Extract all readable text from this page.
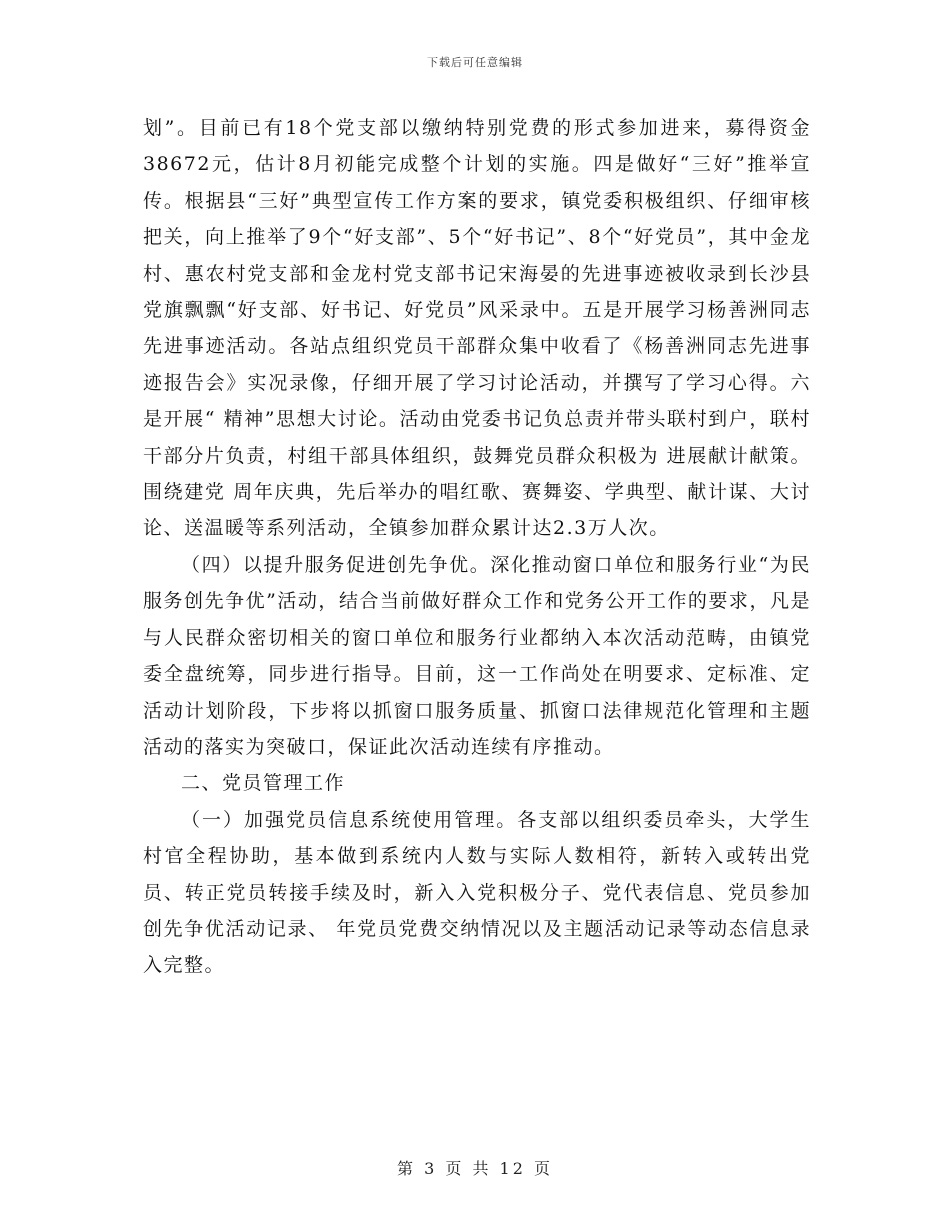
下载后可任意编辑

划”。目前已有18个党支部以缴纳特别党费的形式参加进来，募得资金38672元，估计8月初能完成整个计划的实施。四是做好“三好”推举宣传。根据县“三好”典型宣传工作方案的要求，镇党委积极组织、仔细审核把关，向上推举了9个“好支部”、5个“好书记”、8个“好党员”，其中金龙村、惠农村党支部和金龙村党支部书记宋海晏的先进事迹被收录到长沙县党旗飘飘“好支部、好书记、好党员”风采录中。五是开展学习杨善洲同志先进事迹活动。各站点组织党员干部群众集中收看了《杨善洲同志先进事迹报告会》实况录像，仔细开展了学习讨论活动，并撰写了学习心得。六是开展“ 精神”思想大讨论。活动由党委书记负总责并带头联村到户，联村干部分片负责，村组干部具体组织，鼓舞党员群众积极为 进展献计献策。围绕建党 周年庆典，先后举办的唱红歌、赛舞姿、学典型、献计谋、大讨论、送温暖等系列活动，全镇参加群众累计达2.3万人次。

（四）以提升服务促进创先争优。深化推动窗口单位和服务行业“为民服务创先争优”活动，结合当前做好群众工作和党务公开工作的要求，凡是与人民群众密切相关的窗口单位和服务行业都纳入本次活动范畴，由镇党委全盘统筹，同步进行指导。目前，这一工作尚处在明要求、定标准、定活动计划阶段，下步将以抓窗口服务质量、抓窗口法律规范化管理和主题活动的落实为突破口，保证此次活动连续有序推动。

二、党员管理工作

（一）加强党员信息系统使用管理。各支部以组织委员牵头，大学生村官全程协助，基本做到系统内人数与实际人数相符，新转入或转出党员、转正党员转接手续及时，新入入党积极分子、党代表信息、党员参加创先争优活动记录、 年党员党费交纳情况以及主题活动记录等动态信息录入完整。

第 3 页 共 12 页
